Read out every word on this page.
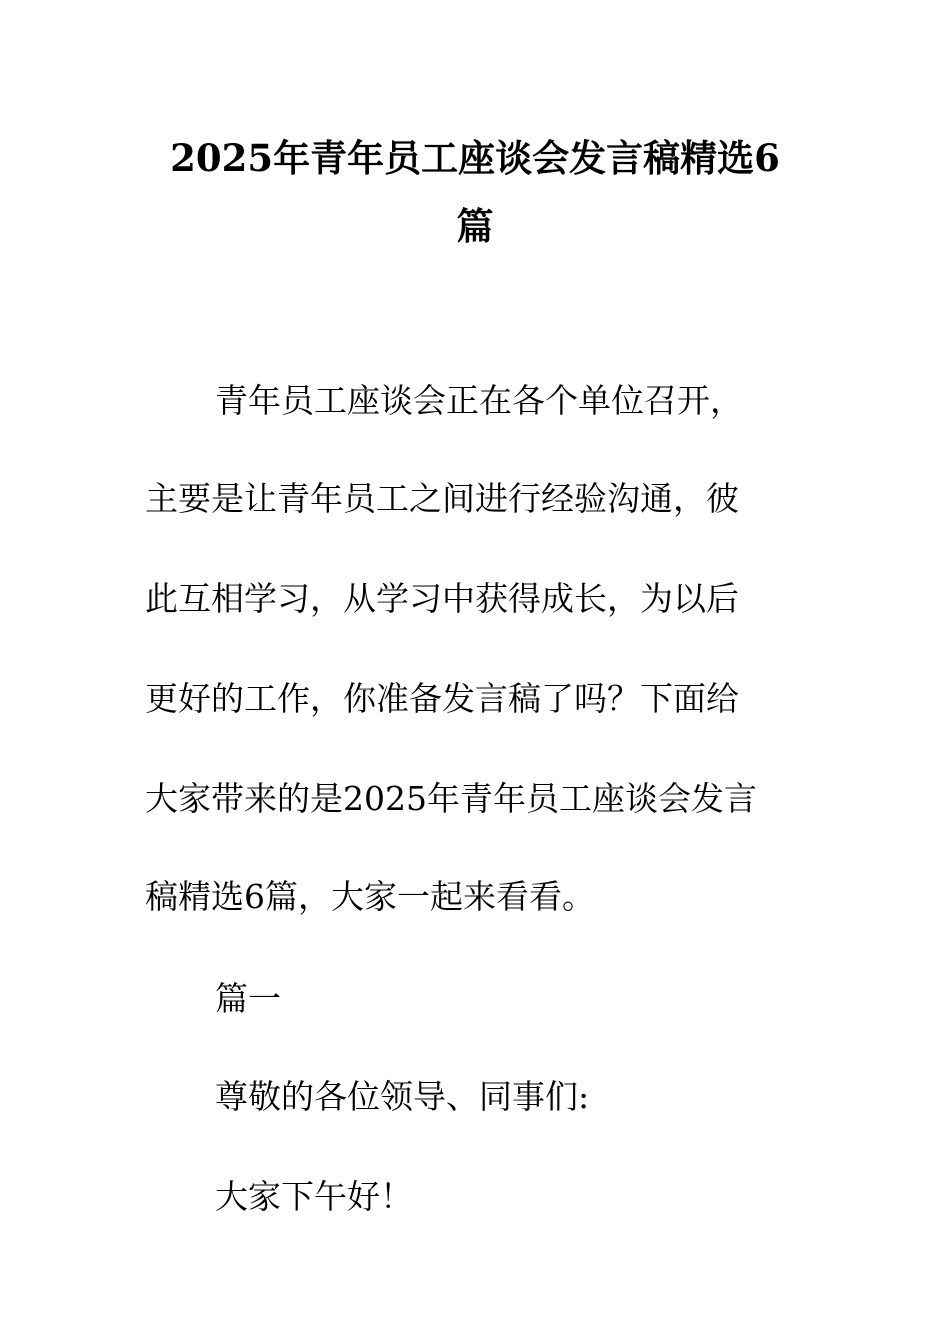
2025年青年员工座谈会发言稿精选6
篇
青年员工座谈会正在各个单位召开，
主要是让青年员工之间进行经验沟通，彼
此互相学习，从学习中获得成长，为以后
更好的工作，你准备发言稿了吗？下面给
大家带来的是2025年青年员工座谈会发言
稿精选6篇，大家一起来看看。
篇一
尊敬的各位领导、同事们:
大家下午好！
